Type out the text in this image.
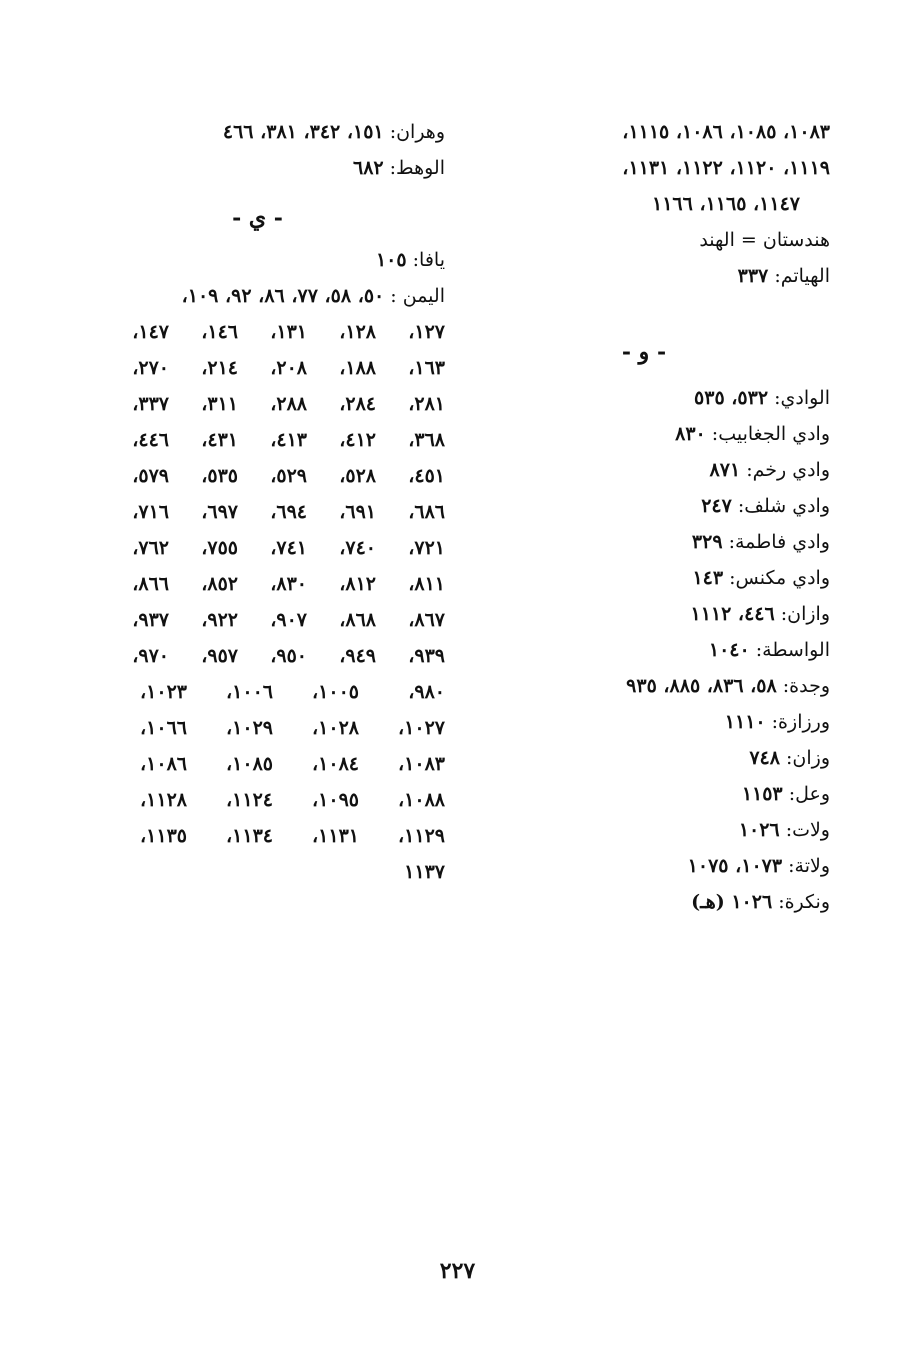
١٠٨٣، ١٠٨٥، ١٠٨٦، ١١١٥،
١١١٩، ١١٢٠، ١١٢٢، ١١٣١،
١١٤٧، ١١٦٥، ١١٦٦
هندستان = الهند
الهياتم: ٣٣٧
- و -
الوادي: ٥٣٢، ٥٣٥
وادي الجغابيب: ٨٣٠
وادي رخم: ٨٧١
وادي شلف: ٢٤٧
وادي فاطمة: ٣٢٩
وادي مكنس: ١٤٣
وازان: ٤٤٦، ١١١٢
الواسطة: ١٠٤٠
وجدة: ٥٨، ٨٣٦، ٨٨٥، ٩٣٥
ورزازة: ١١١٠
وزان: ٧٤٨
وعل: ١١٥٣
ولات: ١٠٢٦
ولاتة: ١٠٧٣، ١٠٧٥
ونكرة: ١٠٢٦ (هـ)
وهران: ١٥١، ٣٤٢، ٣٨١، ٤٦٦
الوهط: ٦٨٢
- ي -
يافا: ١٠٥
اليمن : ٥٠، ٥٨، ٧٧، ٨٦، ٩٢، ١٠٩،
١٢٧،١٢٨،١٣١،١٤٦،١٤٧،
١٦٣،١٨٨،٢٠٨،٢١٤،٢٧٠،
٢٨١،٢٨٤،٢٨٨،٣١١،٣٣٧،
٣٦٨،٤١٢،٤١٣،٤٣١،٤٤٦،
٤٥١،٥٢٨،٥٢٩،٥٣٥،٥٧٩،
٦٨٦،٦٩١،٦٩٤،٦٩٧،٧١٦،
٧٢١،٧٤٠،٧٤١،٧٥٥،٧٦٢،
٨١١،٨١٢،٨٣٠،٨٥٢،٨٦٦،
٨٦٧،٨٦٨،٩٠٧،٩٢٢،٩٣٧،
٩٣٩،٩٤٩،٩٥٠،٩٥٧،٩٧٠،
٩٨٠،١٠٠٥،١٠٠٦،١٠٢٣،
١٠٢٧،١٠٢٨،١٠٢٩،١٠٦٦،
١٠٨٣،١٠٨٤،١٠٨٥،١٠٨٦،
١٠٨٨،١٠٩٥،١١٢٤،١١٢٨،
١١٢٩،١١٣١،١١٣٤،١١٣٥،
١١٣٧
٢٢٧
